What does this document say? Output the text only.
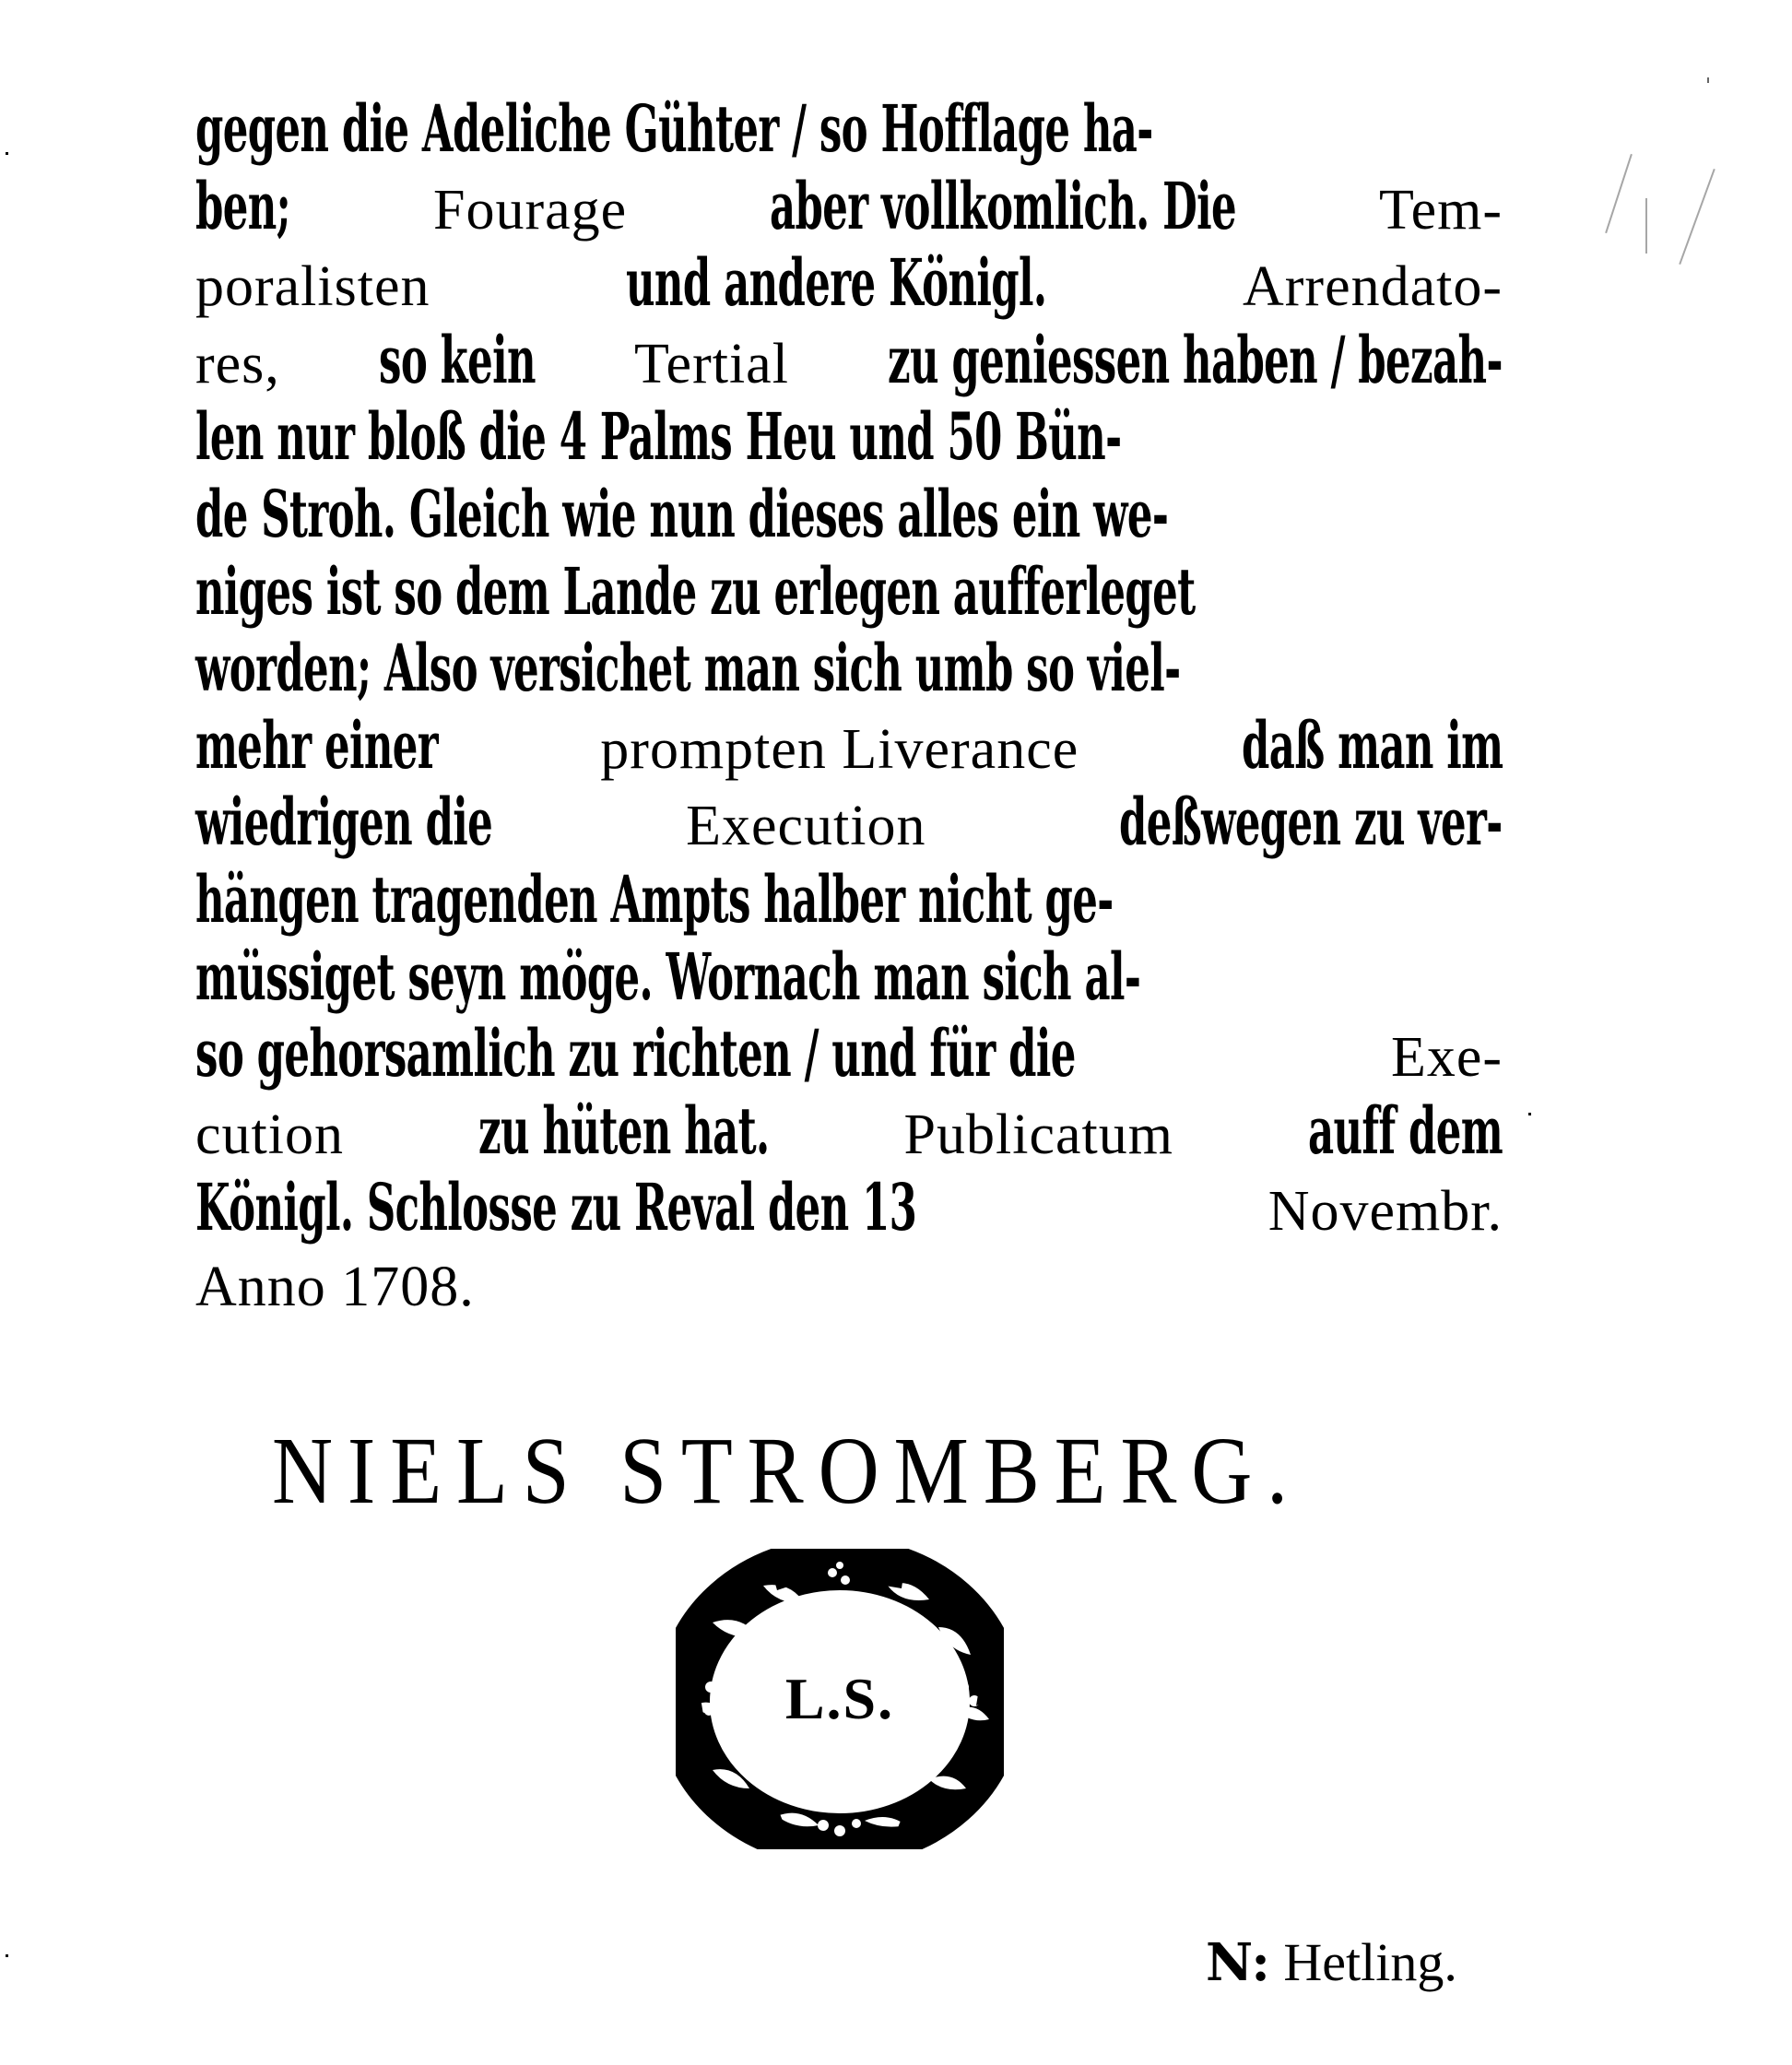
gegen die Adeliche Gühter / so Hofflage ha-
ben; Fourage aber vollkomlich. Die Tem-
poralisten	und andere Königl.	Arrendato-
res, so kein Tertial zu geniessen haben / bezah-
len nur bloß die 4 Palms Heu und 50 Bün-
de Stroh. Gleich wie nun dieses alles ein we-
niges ist so dem Lande zu erlegen aufferleget
worden; Also versichet man sich umb so viel-
mehr einer	prompten Liverance	daß man im
wiedrigen die	Execution	deßwegen zu ver-
hängen tragenden Ampts halber nicht ge-
müssiget seyn möge. Wornach man sich al-
so gehorsamlich zu richten / und für die	Exe-
cution zu hüten hat. Publicatum auff dem
Königl. Schlosse zu Reval den 13	Novembr.
Anno 1708.
NIELS STROMBERG.
L.S.
N: Hetling.
